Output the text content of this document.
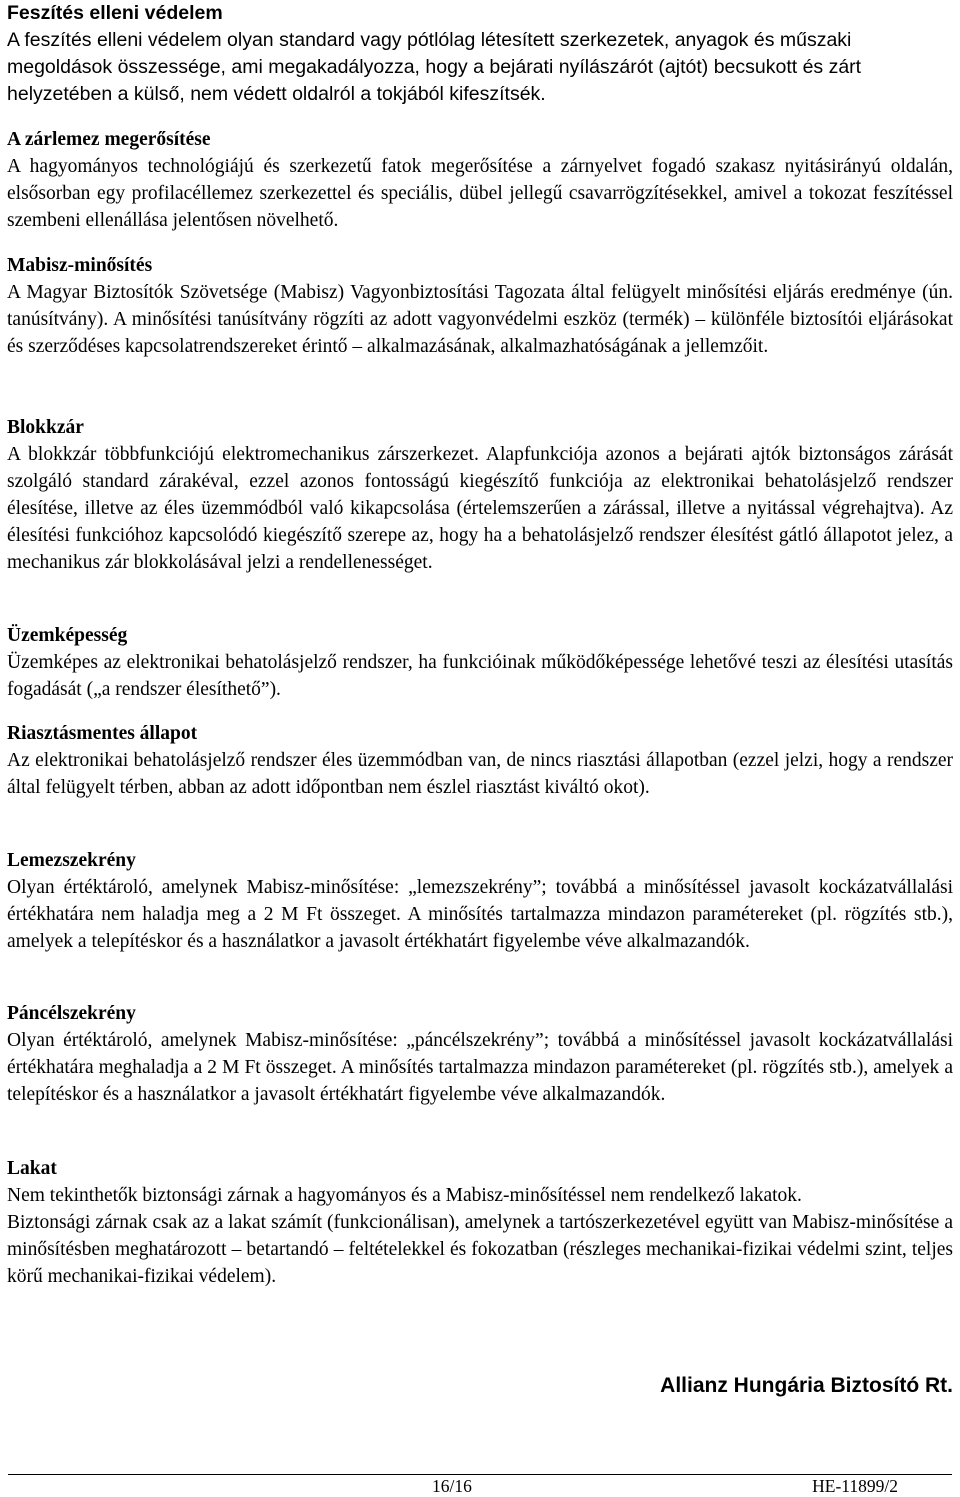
Feszítés elleni védelem
A feszítés elleni védelem olyan standard vagy pótlólag létesített szerkezetek, anyagok és műszaki megoldások összessége, ami megakadályozza, hogy a bejárati nyílászárót (ajtót) becsukott és zárt helyzetében a külső, nem védett oldalról a tokjából kifeszítsék.
A zárlemez megerősítése
A hagyományos technológiájú és szerkezetű fatok megerősítése a zárnyelvet fogadó szakasz nyitásirányú oldalán, elsősorban egy profilacéllemez szerkezettel és speciális, dübel jellegű csavarrögzítésekkel, amivel a tokozat feszítéssel szembeni ellenállása jelentősen növelhető.
Mabisz-minősítés
A Magyar Biztosítók Szövetsége (Mabisz) Vagyonbiztosítási Tagozata által felügyelt minősítési eljárás eredménye (ún. tanúsítvány). A minősítési tanúsítvány rögzíti az adott vagyonvédelmi eszköz (termék) – különféle biztosítói eljárásokat és szerződéses kapcsolatrendszereket érintő – alkalmazásának, alkalmazhatóságának a jellemzőit.
Blokkzár
A blokkzár többfunkciójú elektromechanikus zárszerkezet. Alapfunkciója azonos a bejárati ajtók biztonságos zárását szolgáló standard zárakéval, ezzel azonos fontosságú kiegészítő funkciója az elektronikai behatolásjelző rendszer élesítése, illetve az éles üzemmódból való kikapcsolása (értelemszerűen a zárással, illetve a nyitással végrehajtva). Az élesítési funkcióhoz kapcsolódó kiegészítő szerepe az, hogy ha a behatolásjelző rendszer élesítést gátló állapotot jelez, a mechanikus zár blokkolásával jelzi a rendellenességet.
Üzemképesség
Üzemképes az elektronikai behatolásjelző rendszer, ha funkcióinak működőképessége lehetővé teszi az élesítési utasítás fogadását („a rendszer élesíthető”).
Riasztásmentes állapot
Az elektronikai behatolásjelző rendszer éles üzemmódban van, de nincs riasztási állapotban (ezzel jelzi, hogy a rendszer által felügyelt térben, abban az adott időpontban nem észlel riasztást kiváltó okot).
Lemezszekrény
Olyan értéktároló, amelynek Mabisz-minősítése: „lemezszekrény”; továbbá a minősítéssel javasolt kockázatvállalási értékhatára nem haladja meg a 2 M Ft összeget. A minősítés tartalmazza mindazon paramétereket (pl. rögzítés stb.), amelyek a telepítéskor és a használatkor a javasolt értékhatárt figyelembe véve alkalmazandók.
Páncélszekrény
Olyan értéktároló, amelynek Mabisz-minősítése: „páncélszekrény”; továbbá a minősítéssel javasolt kockázatvállalási értékhatára meghaladja a 2 M Ft összeget. A minősítés tartalmazza mindazon paramétereket (pl. rögzítés stb.), amelyek a telepítéskor és a használatkor a javasolt értékhatárt figyelembe véve alkalmazandók.
Lakat
Nem tekinthetők biztonsági zárnak a hagyományos és a Mabisz-minősítéssel nem rendelkező lakatok.
Biztonsági zárnak csak az a lakat számít (funkcionálisan), amelynek a tartószerkezetével együtt van Mabisz-minősítése a minősítésben meghatározott – betartandó – feltételekkel és fokozatban (részleges mechanikai-fizikai védelmi szint, teljes körű mechanikai-fizikai védelem).
Allianz Hungária Biztosító Rt.
16/16	HE-11899/2
